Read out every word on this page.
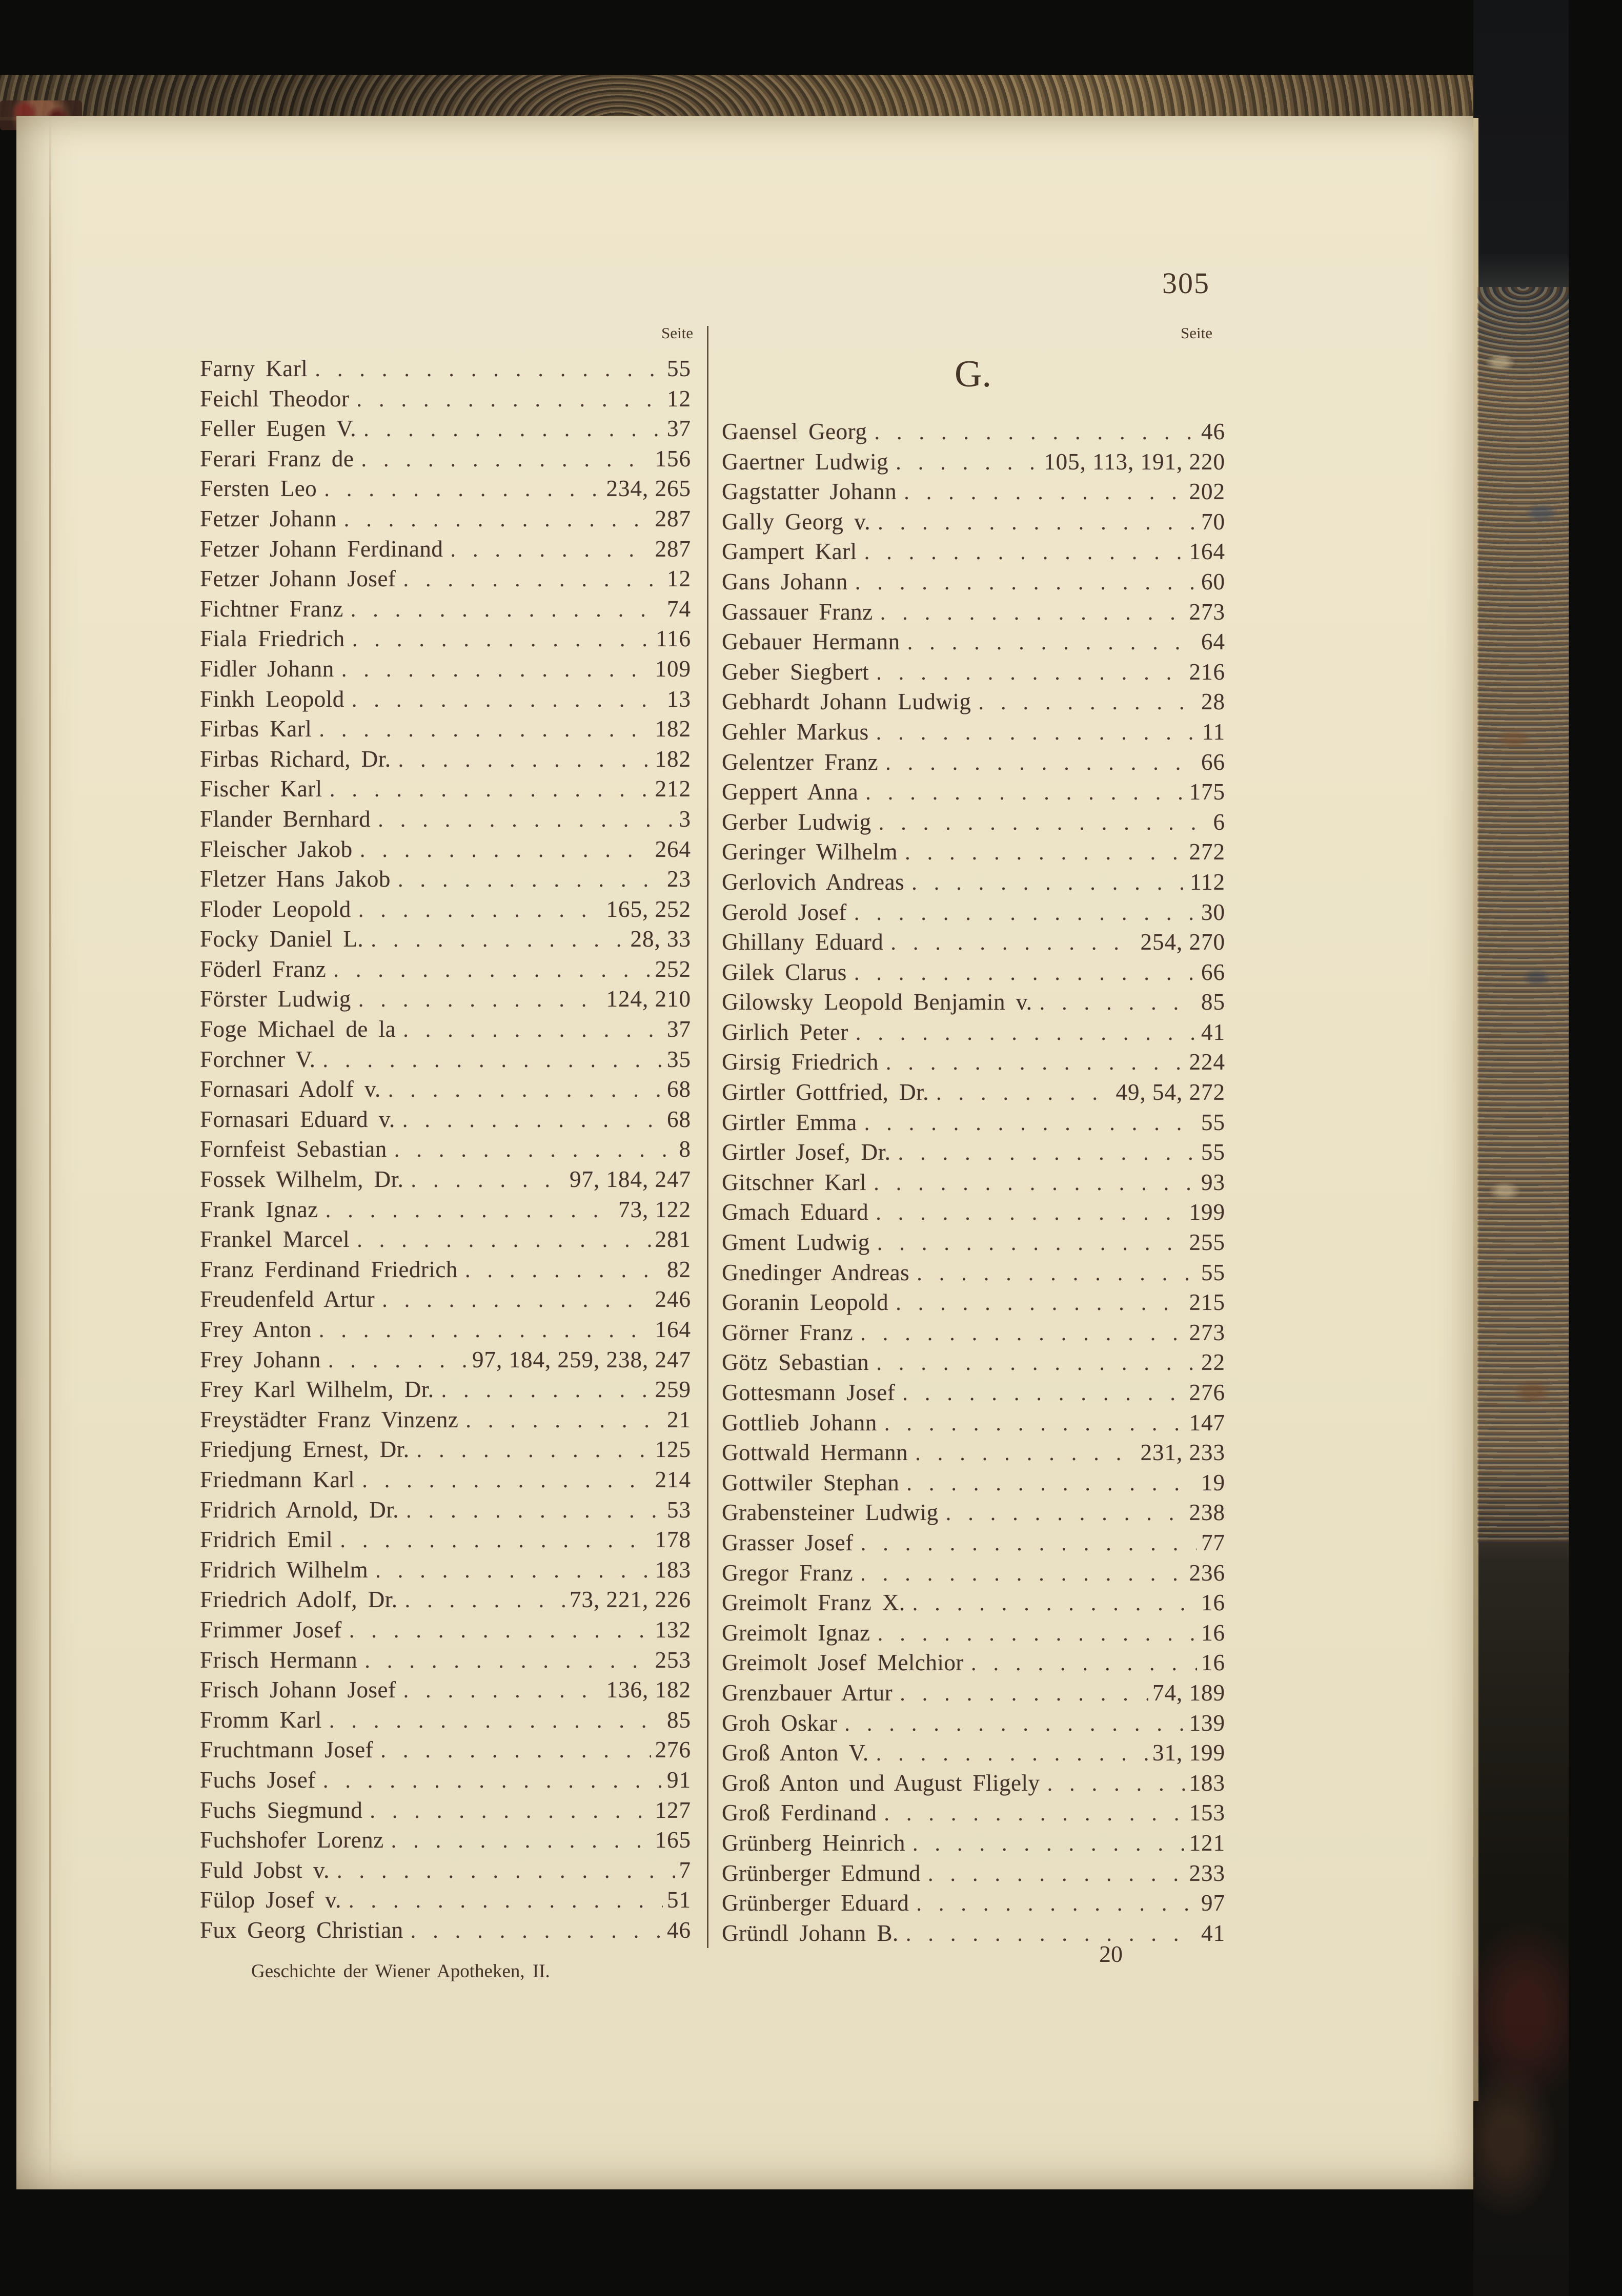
305
Seite	Seite
G.
Farny Karl . . .	55
Feichl Theodor . . .	12
Feller Eugen V. . . .	37
Ferari Franz de . . .	156
Fersten Leo . . .	234, 265
Fetzer Johann . . .	287
Fetzer Johann Ferdinand . . .	287
Fetzer Johann Josef . . .	12
Fichtner Franz . . .	74
Fiala Friedrich . . .	116
Fidler Johann . . .	109
Finkh Leopold . . .	13
Firbas Karl . . .	182
Firbas Richard, Dr. . . .	182
Fischer Karl . . .	212
Flander Bernhard . . .	3
Fleischer Jakob . . .	264
Fletzer Hans Jakob . . .	23
Floder Leopold . . .	165, 252
Focky Daniel L. . . .	28, 33
Föderl Franz . . .	252
Förster Ludwig . . .	124, 210
Foge Michael de la . . .	37
Forchner V. . . .	35
Fornasari Adolf v. . . .	68
Fornasari Eduard v. . . .	68
Fornfeist Sebastian . . .	8
Fossek Wilhelm, Dr. . . .	97, 184, 247
Frank Ignaz . . .	73, 122
Frankel Marcel . . .	281
Franz Ferdinand Friedrich . . .	82
Freudenfeld Artur . . .	246
Frey Anton . . .	164
Frey Johann . . .	97, 184, 259, 238, 247
Frey Karl Wilhelm, Dr. . . .	259
Freystädter Franz Vinzenz . . .	21
Friedjung Ernest, Dr. . . .	125
Friedmann Karl . . .	214
Fridrich Arnold, Dr. . . .	53
Fridrich Emil . . .	178
Fridrich Wilhelm . . .	183
Friedrich Adolf, Dr. . . .	73, 221, 226
Frimmer Josef . . .	132
Frisch Hermann . . .	253
Frisch Johann Josef . . .	136, 182
Fromm Karl . . .	85
Fruchtmann Josef . . .	276
Fuchs Josef . . .	91
Fuchs Siegmund . . .	127
Fuchshofer Lorenz . . .	165
Fuld Jobst v. . . .	7
Fülop Josef v. . . .	51
Fux Georg Christian . . .	46
Gaensel Georg . . .	46
Gaertner Ludwig . . .	105, 113, 191, 220
Gagstatter Johann . . .	202
Gally Georg v. . . .	70
Gampert Karl . . .	164
Gans Johann . . .	60
Gassauer Franz . . .	273
Gebauer Hermann . . .	64
Geber Siegbert . . .	216
Gebhardt Johann Ludwig . . .	28
Gehler Markus . . .	11
Gelentzer Franz . . .	66
Geppert Anna . . .	175
Gerber Ludwig . . .	6
Geringer Wilhelm . . .	272
Gerlovich Andreas . . .	112
Gerold Josef . . .	30
Ghillany Eduard . . .	254, 270
Gilek Clarus . . .	66
Gilowsky Leopold Benjamin v. . . .	85
Girlich Peter . . .	41
Girsig Friedrich . . .	224
Girtler Gottfried, Dr. . . .	49, 54, 272
Girtler Emma . . .	55
Girtler Josef, Dr. . . .	55
Gitschner Karl . . .	93
Gmach Eduard . . .	199
Gment Ludwig . . .	255
Gnedinger Andreas . . .	55
Goranin Leopold . . .	215
Görner Franz . . .	273
Götz Sebastian . . .	22
Gottesmann Josef . . .	276
Gottlieb Johann . . .	147
Gottwald Hermann . . .	231, 233
Gottwiler Stephan . . .	19
Grabensteiner Ludwig . . .	238
Grasser Josef . . .	77
Gregor Franz . . .	236
Greimolt Franz X. . . .	16
Greimolt Ignaz . . .	16
Greimolt Josef Melchior . . .	16
Grenzbauer Artur . . .	74, 189
Groh Oskar . . .	139
Groß Anton V. . . .	31, 199
Groß Anton und August Fligely . . .	183
Groß Ferdinand . . .	153
Grünberg Heinrich . . .	121
Grünberger Edmund . . .	233
Grünberger Eduard . . .	97
Gründl Johann B. . . .	41
Geschichte der Wiener Apotheken, II.
20
